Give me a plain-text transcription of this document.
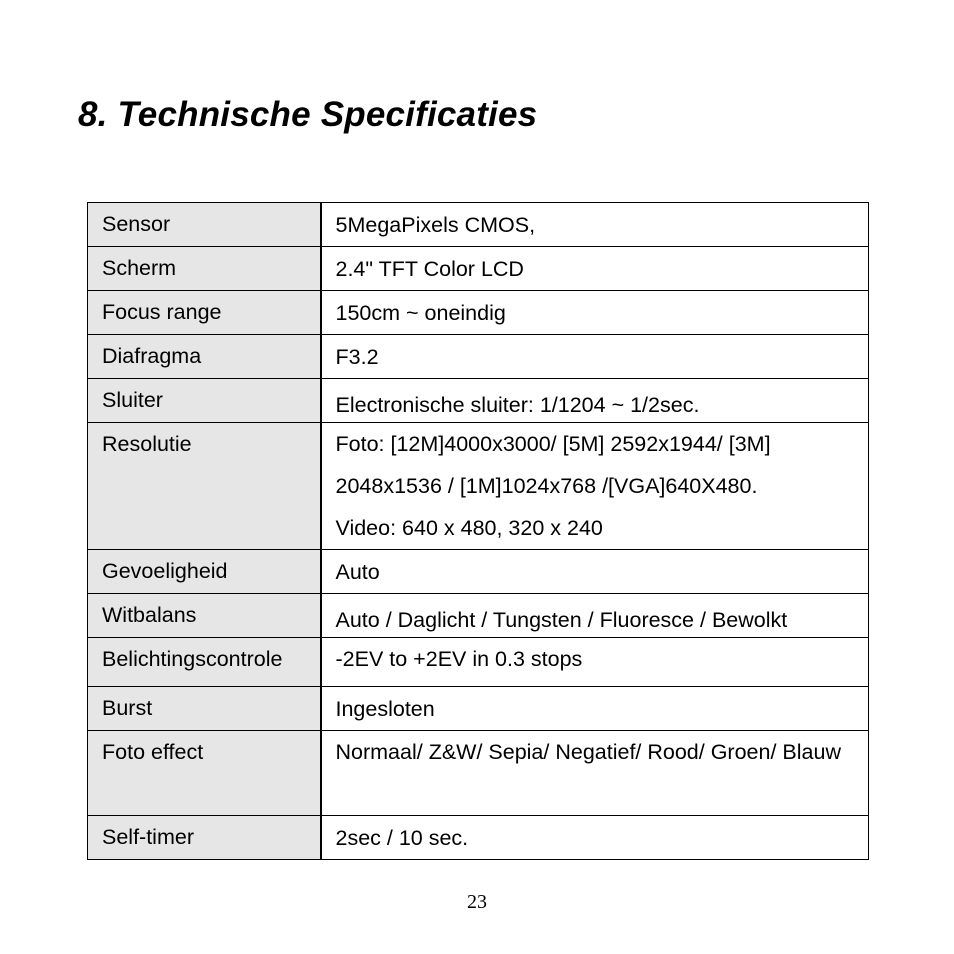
8. Technische Specificaties
Sensor	5MegaPixels CMOS,
Scherm	2.4" TFT Color LCD
Focus range	150cm ~ oneindig
Diafragma	F3.2
Sluiter	Electronische sluiter: 1/1204 ~ 1/2sec.
Resolutie	Foto: [12M]4000x3000/ [5M] 2592x1944/ [3M]
2048x1536 / [1M]1024x768 /[VGA]640X480.
Video: 640 x 480, 320 x 240

Gevoeligheid	Auto
Witbalans	Auto / Daglicht / Tungsten / Fluoresce / Bewolkt
Belichtingscontrole	-2EV to +2EV in 0.3 stops
Burst	Ingesloten
Foto effect	Normaal/ Z&W/ Sepia/ Negatief/ Rood/ Groen/ Blauw
Self-timer	2sec / 10 sec.
23
